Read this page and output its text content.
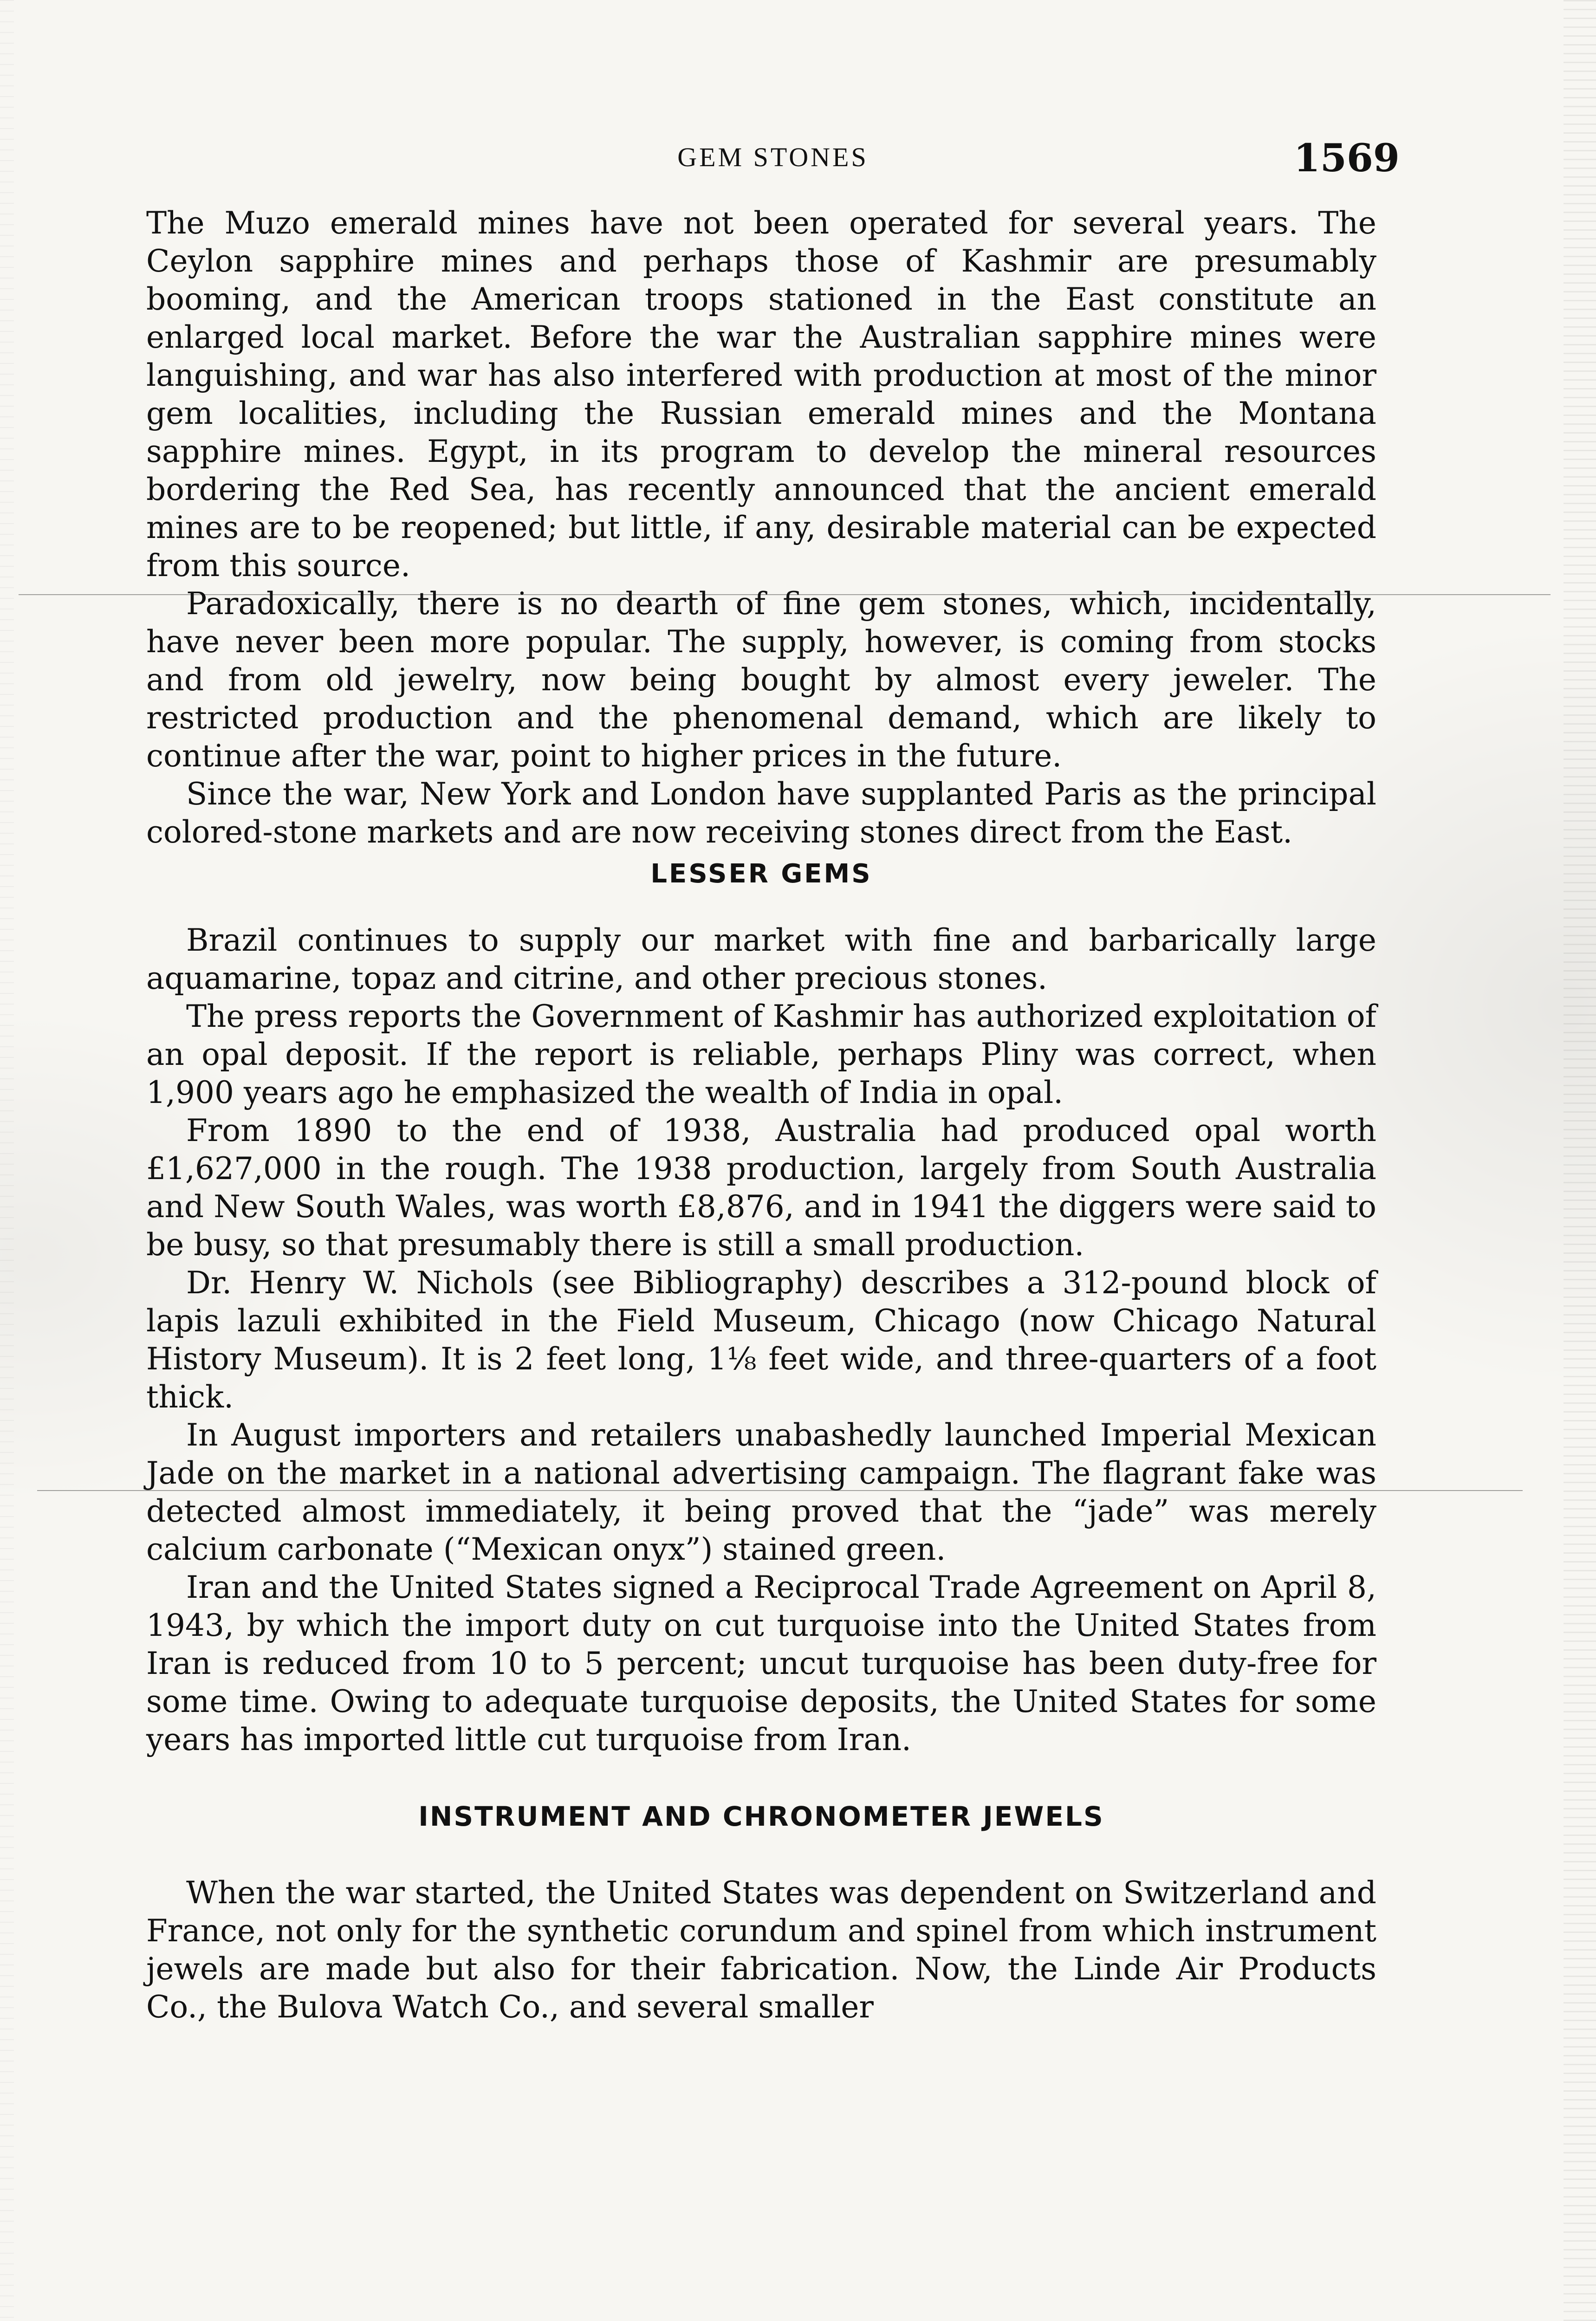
GEM STONES	1569

The Muzo emerald mines have not been operated for several years. The Ceylon sapphire mines and perhaps those of Kashmir are presumably booming, and the American troops stationed in the East constitute an enlarged local market. Before the war the Australian sapphire mines were languishing, and war has also interfered with production at most of the minor gem localities, including the Russian emerald mines and the Montana sapphire mines. Egypt, in its program to develop the mineral resources bordering the Red Sea, has recently announced that the ancient emerald mines are to be reopened; but little, if any, desirable material can be expected from this source.

Paradoxically, there is no dearth of fine gem stones, which, incidentally, have never been more popular. The supply, however, is coming from stocks and from old jewelry, now being bought by almost every jeweler. The restricted production and the phenomenal demand, which are likely to continue after the war, point to higher prices in the future.

Since the war, New York and London have supplanted Paris as the principal colored-stone markets and are now receiving stones direct from the East.

LESSER GEMS

Brazil continues to supply our market with fine and barbarically large aquamarine, topaz and citrine, and other precious stones.

The press reports the Government of Kashmir has authorized exploitation of an opal deposit. If the report is reliable, perhaps Pliny was correct, when 1,900 years ago he emphasized the wealth of India in opal.

From 1890 to the end of 1938, Australia had produced opal worth £1,627,000 in the rough. The 1938 production, largely from South Australia and New South Wales, was worth £8,876, and in 1941 the diggers were said to be busy, so that presumably there is still a small production.

Dr. Henry W. Nichols (see Bibliography) describes a 312-pound block of lapis lazuli exhibited in the Field Museum, Chicago (now Chicago Natural History Museum). It is 2 feet long, 1⅛ feet wide, and three-quarters of a foot thick.

In August importers and retailers unabashedly launched Imperial Mexican Jade on the market in a national advertising campaign. The flagrant fake was detected almost immediately, it being proved that the “jade” was merely calcium carbonate (“Mexican onyx”) stained green.

Iran and the United States signed a Reciprocal Trade Agreement on April 8, 1943, by which the import duty on cut turquoise into the United States from Iran is reduced from 10 to 5 percent; uncut turquoise has been duty-free for some time. Owing to adequate turquoise deposits, the United States for some years has imported little cut turquoise from Iran.

INSTRUMENT AND CHRONOMETER JEWELS

When the war started, the United States was dependent on Switzerland and France, not only for the synthetic corundum and spinel from which instrument jewels are made but also for their fabrication. Now, the Linde Air Products Co., the Bulova Watch Co., and several smaller
